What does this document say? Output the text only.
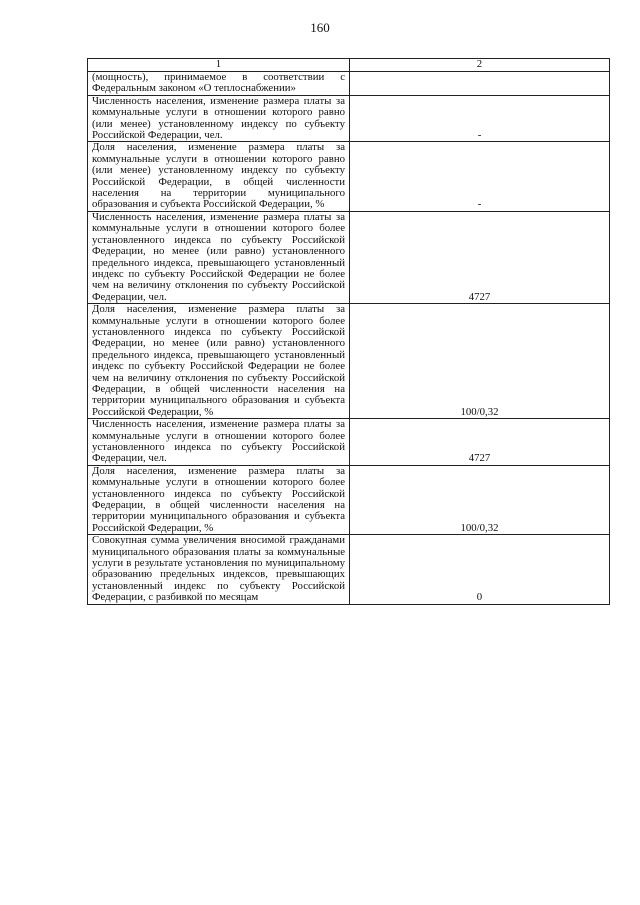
160
1	2
(мощность), принимаемое в соответствии с Федеральным законом «О теплоснабжении»	
Численность населения, изменение размера платы за коммунальные услуги в отношении которого равно (или менее) установленному индексу по субъекту Российской Федерации, чел.	-
Доля населения, изменение размера платы за коммунальные услуги в отношении которого равно (или менее) установленному индексу по субъекту Российской Федерации, в общей численности населения на территории муниципального образования и субъекта Российской Федерации, %	-
Численность населения, изменение размера платы за коммунальные услуги в отношении которого более установленного индекса по субъекту Российской Федерации, но менее (или равно) установленного предельного индекса, превышающего установленный индекс по субъекту Российской Федерации не более чем на величину отклонения по субъекту Российской Федерации, чел.	4727
Доля населения, изменение размера платы за коммунальные услуги в отношении которого более установленного индекса по субъекту Российской Федерации, но менее (или равно) установленного предельного индекса, превышающего установленный индекс по субъекту Российской Федерации не более чем на величину отклонения по субъекту Российской Федерации, в общей численности населения на территории муниципального образования и субъекта Российской Федерации, %	100/0,32
Численность населения, изменение размера платы за коммунальные услуги в отношении которого более установленного индекса по субъекту Российской Федерации, чел.	4727
Доля населения, изменение размера платы за коммунальные услуги в отношении которого более установленного индекса по субъекту Российской Федерации, в общей численности населения на территории муниципального образования и субъекта Российской Федерации, %	100/0,32
Совокупная сумма увеличения вносимой гражданами муниципального образования платы за коммунальные услуги в результате установления по муниципальному образованию предельных индексов, превышающих установленный индекс по субъекту Российской Федерации, с разбивкой по месяцам	0
